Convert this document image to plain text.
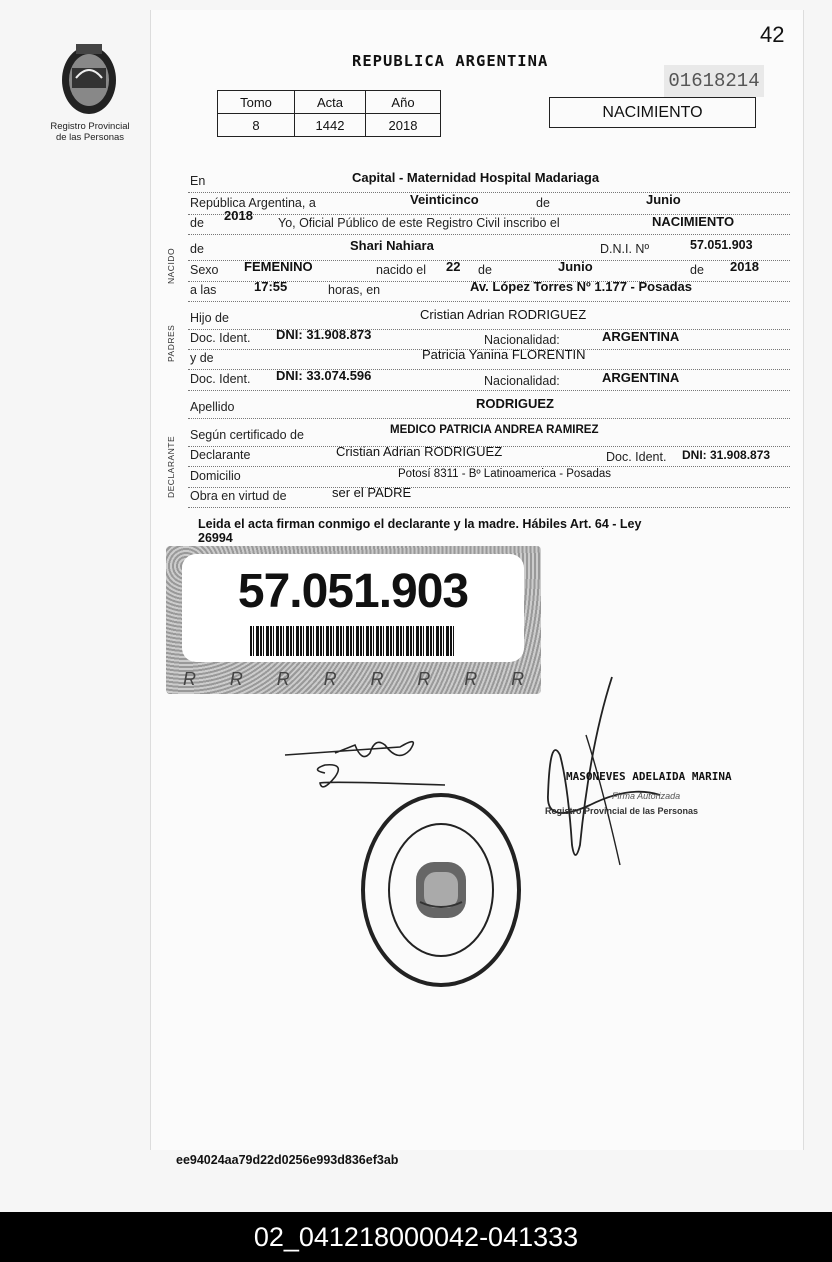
42
Registro Provincial
de las Personas
REPUBLICA ARGENTINA
01618214
Tomo	Acta	Año
8	1442	2018
NACIMIENTO
NACIDO
PADRES
DECLARANTE
En	Capital - Maternidad Hospital Madariaga
República Argentina, a	Veinticinco	de	Junio
de 2018 Yo, Oficial Público de este Registro Civil inscribo el	NACIMIENTO
de	Shari Nahiara	D.N.I. Nº	57.051.903
Sexo FEMENINO	nacido el 22 de	Junio	de 2018
a las	17:55	horas, en	Av. López Torres Nº 1.177 - Posadas
Hijo de	Cristian Adrian RODRIGUEZ
Doc. Ident. DNI: 31.908.873	Nacionalidad:	ARGENTINA
y de	Patricia Yanina FLORENTIN
Doc. Ident. DNI: 33.074.596	Nacionalidad:	ARGENTINA
Apellido	RODRIGUEZ
Según certificado de	MEDICO PATRICIA ANDREA RAMIREZ
Declarante	Cristian Adrian RODRIGUEZ	Doc. Ident. DNI: 31.908.873
Domicilio	Potosí 8311 - Bº Latinoamerica - Posadas
Obra en virtud de	ser el PADRE
Leida el acta firman conmigo el declarante y la madre. Hábiles Art. 64 - Ley
26994
57.051.903
R R R R R R R R
MASONEVES ADELAIDA MARINA
Firma Autorizada
Registro Provincial de las Personas
ee94024aa79d22d0256e993d836ef3ab
02_041218000042-041333
